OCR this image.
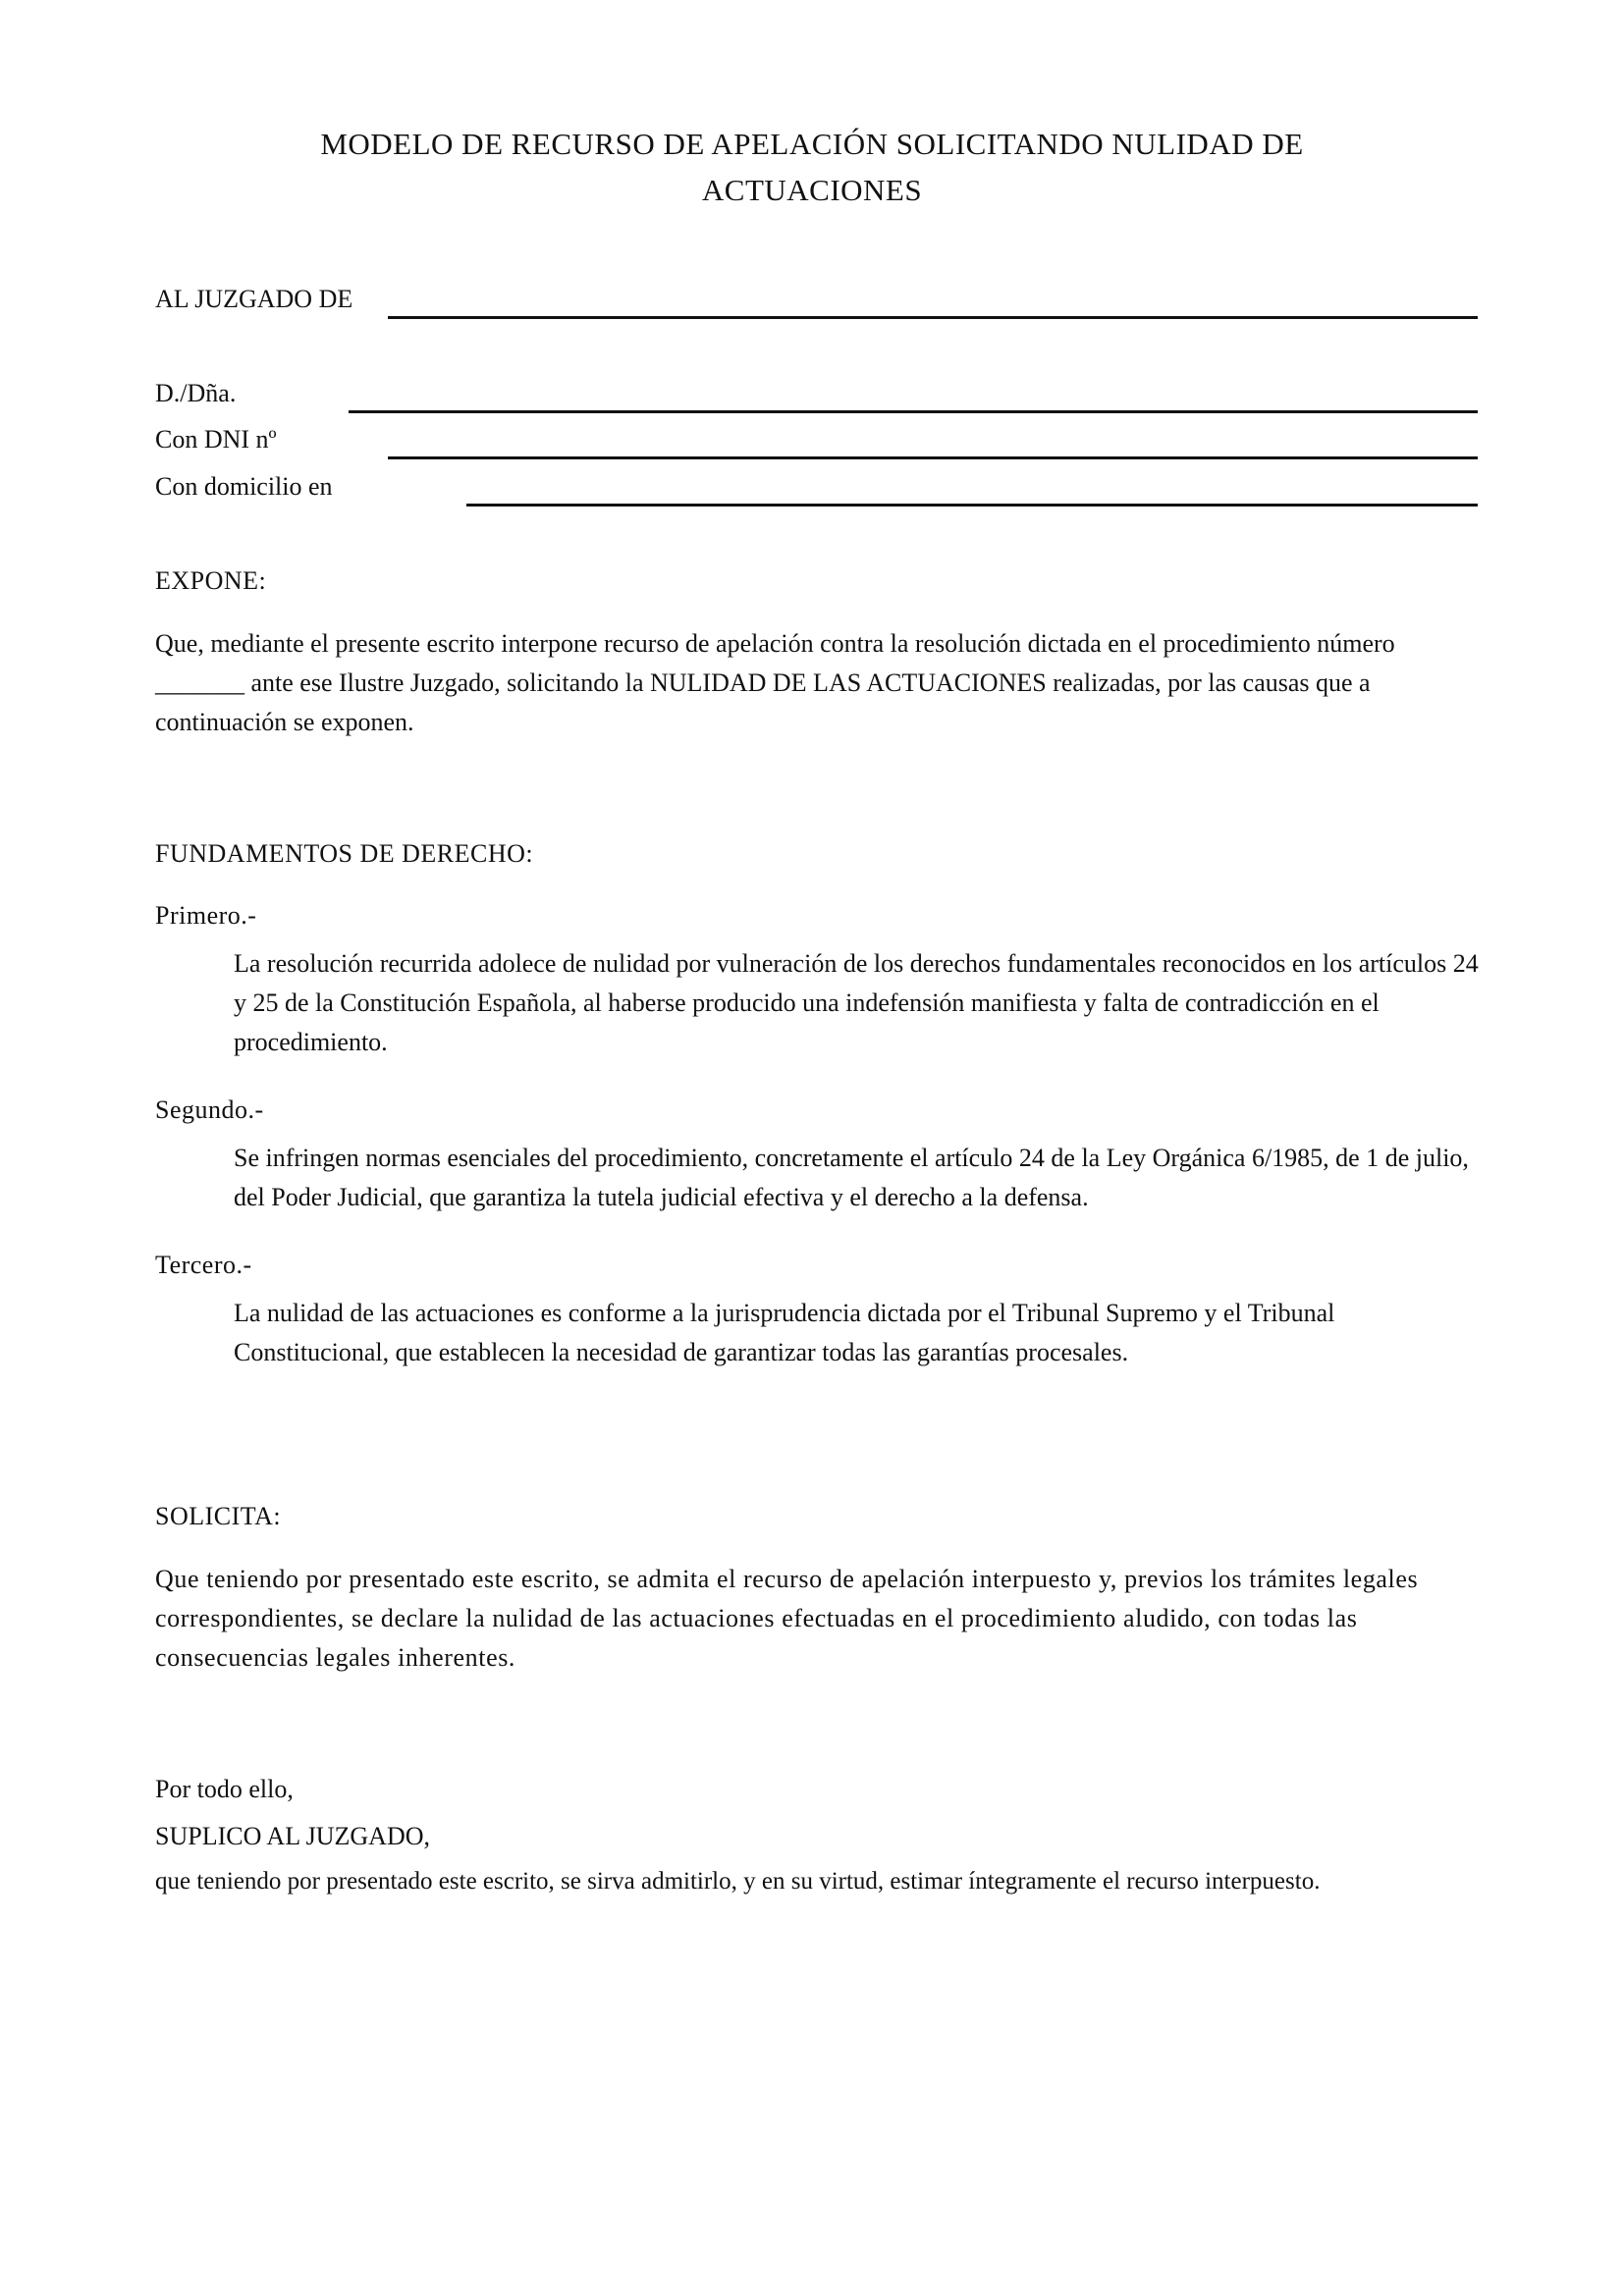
MODELO DE RECURSO DE APELACIÓN SOLICITANDO NULIDAD DE
ACTUACIONES
AL JUZGADO DE
D./Dña.
Con DNI nº
Con domicilio en
EXPONE:
Que, mediante el presente escrito interpone recurso de apelación contra la resolución dictada en el procedimiento número _______ ante ese Ilustre Juzgado, solicitando la NULIDAD DE LAS ACTUACIONES realizadas, por las causas que a continuación se exponen.
FUNDAMENTOS DE DERECHO:
Primero.-
La resolución recurrida adolece de nulidad por vulneración de los derechos fundamentales reconocidos en los artículos 24 y 25 de la Constitución Española, al haberse producido una indefensión manifiesta y falta de contradicción en el procedimiento.
Segundo.-
Se infringen normas esenciales del procedimiento, concretamente el artículo 24 de la Ley Orgánica 6/1985, de 1 de julio, del Poder Judicial, que garantiza la tutela judicial efectiva y el derecho a la defensa.
Tercero.-
La nulidad de las actuaciones es conforme a la jurisprudencia dictada por el Tribunal Supremo y el Tribunal Constitucional, que establecen la necesidad de garantizar todas las garantías procesales.
SOLICITA:
Que teniendo por presentado este escrito, se admita el recurso de apelación interpuesto y, previos los trámites legales correspondientes, se declare la nulidad de las actuaciones efectuadas en el procedimiento aludido, con todas las consecuencias legales inherentes.
Por todo ello,
SUPLICO AL JUZGADO,
que teniendo por presentado este escrito, se sirva admitirlo, y en su virtud, estimar íntegramente el recurso interpuesto.
